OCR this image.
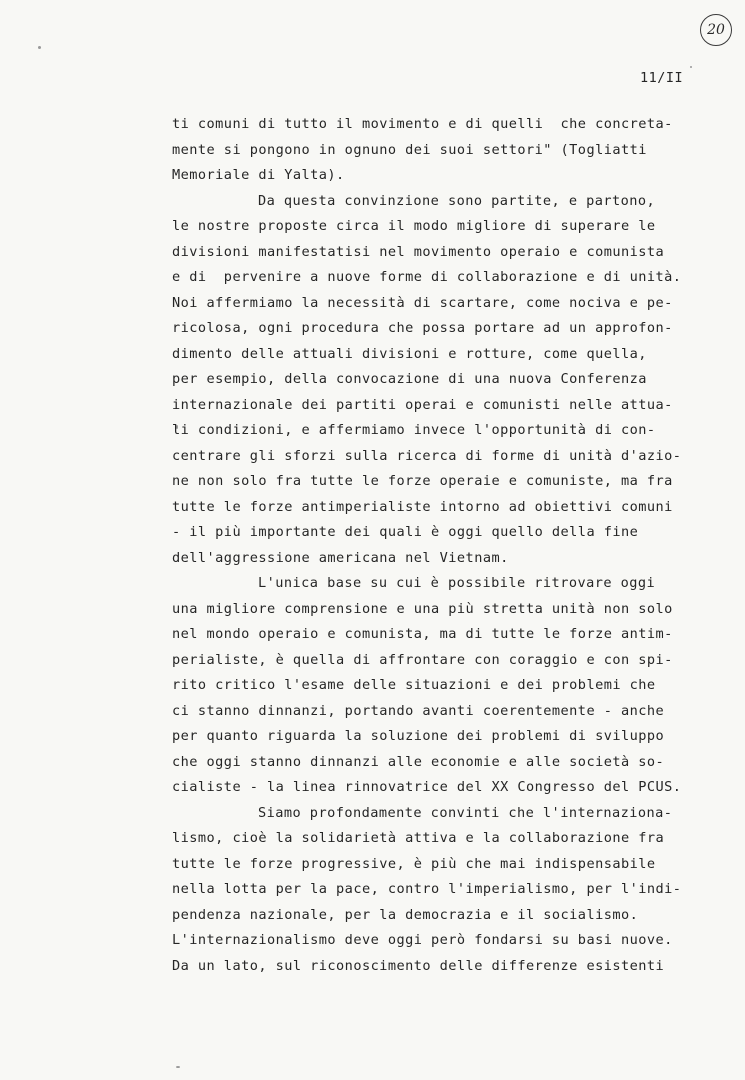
20
11/II
ti comuni di tutto il movimento e di quelli  che concreta-
mente si pongono in ognuno dei suoi settori" (Togliatti
Memoriale di Yalta).
Da questa convinzione sono partite, e partono,
le nostre proposte circa il modo migliore di superare le
divisioni manifestatisi nel movimento operaio e comunista
e di  pervenire a nuove forme di collaborazione e di unità.
Noi affermiamo la necessità di scartare, come nociva e pe-
ricolosa, ogni procedura che possa portare ad un approfon-
dimento delle attuali divisioni e rotture, come quella,
per esempio, della convocazione di una nuova Conferenza
internazionale dei partiti operai e comunisti nelle attua-
li condizioni, e affermiamo invece l'opportunità di con-
centrare gli sforzi sulla ricerca di forme di unità d'azio-
ne non solo fra tutte le forze operaie e comuniste, ma fra
tutte le forze antimperialiste intorno ad obiettivi comuni
- il più importante dei quali è oggi quello della fine
dell'aggressione americana nel Vietnam.
L'unica base su cui è possibile ritrovare oggi
una migliore comprensione e una più stretta unità non solo
nel mondo operaio e comunista, ma di tutte le forze antim-
perialiste, è quella di affrontare con coraggio e con spi-
rito critico l'esame delle situazioni e dei problemi che
ci stanno dinnanzi, portando avanti coerentemente - anche
per quanto riguarda la soluzione dei problemi di sviluppo
che oggi stanno dinnanzi alle economie e alle società so-
cialiste - la linea rinnovatrice del XX Congresso del PCUS.
Siamo profondamente convinti che l'internaziona-
lismo, cioè la solidarietà attiva e la collaborazione fra
tutte le forze progressive, è più che mai indispensabile
nella lotta per la pace, contro l'imperialismo, per l'indi-
pendenza nazionale, per la democrazia e il socialismo.
L'internazionalismo deve oggi però fondarsi su basi nuove.
Da un lato, sul riconoscimento delle differenze esistenti
